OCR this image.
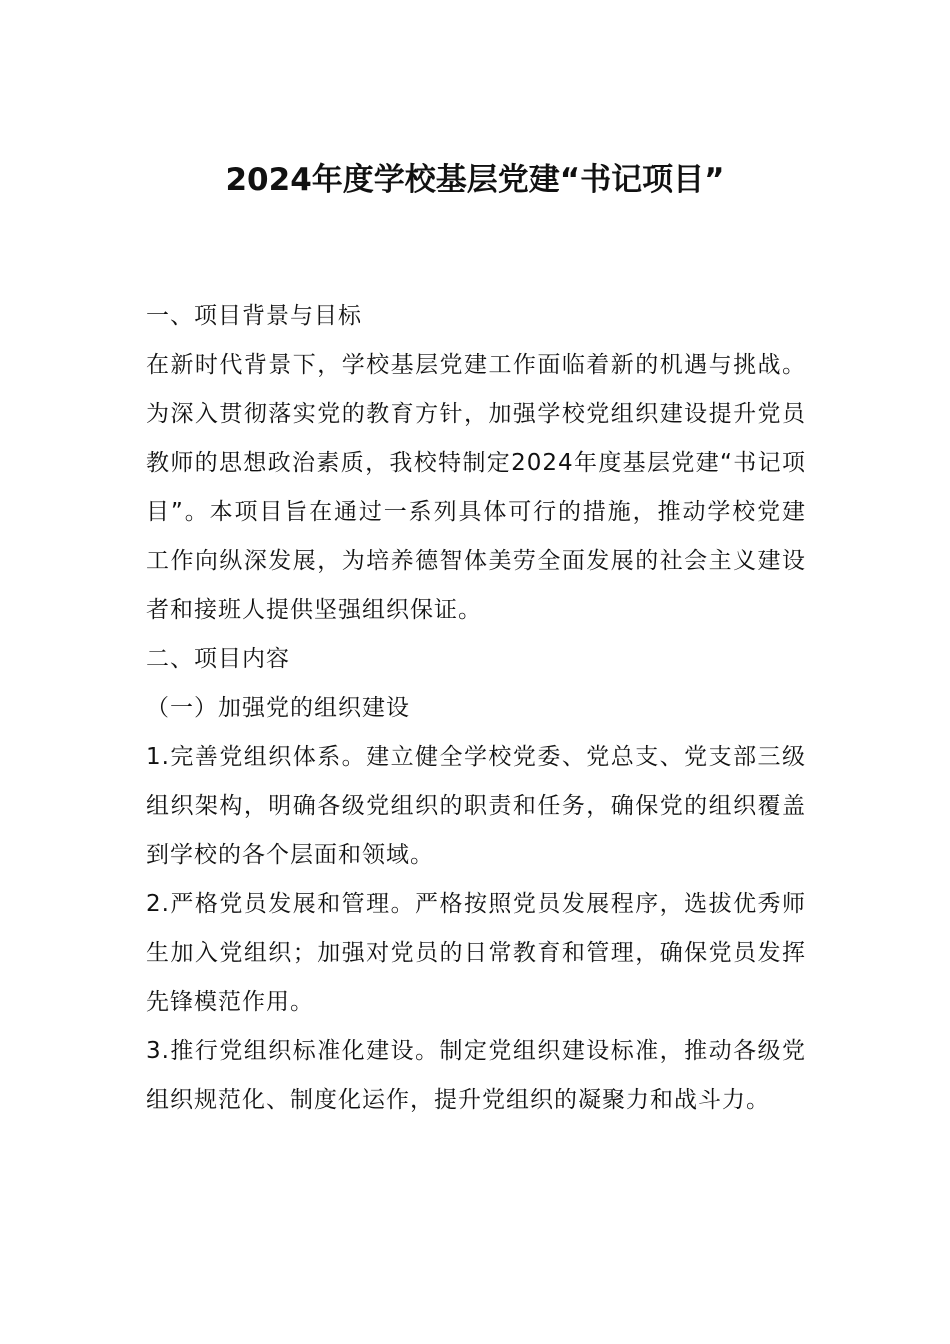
2024年度学校基层党建“书记项目”

一、项目背景与目标

在新时代背景下，学校基层党建工作面临着新的机遇与挑战。为深入贯彻落实党的教育方针，加强学校党组织建设提升党员教师的思想政治素质，我校特制定2024年度基层党建“书记项目”。本项目旨在通过一系列具体可行的措施，推动学校党建工作向纵深发展，为培养德智体美劳全面发展的社会主义建设者和接班人提供坚强组织保证。

二、项目内容

（一）加强党的组织建设

1.完善党组织体系。建立健全学校党委、党总支、党支部三级组织架构，明确各级党组织的职责和任务，确保党的组织覆盖到学校的各个层面和领域。

2.严格党员发展和管理。严格按照党员发展程序，选拔优秀师生加入党组织；加强对党员的日常教育和管理，确保党员发挥先锋模范作用。

3.推行党组织标准化建设。制定党组织建设标准，推动各级党组织规范化、制度化运作，提升党组织的凝聚力和战斗力。
